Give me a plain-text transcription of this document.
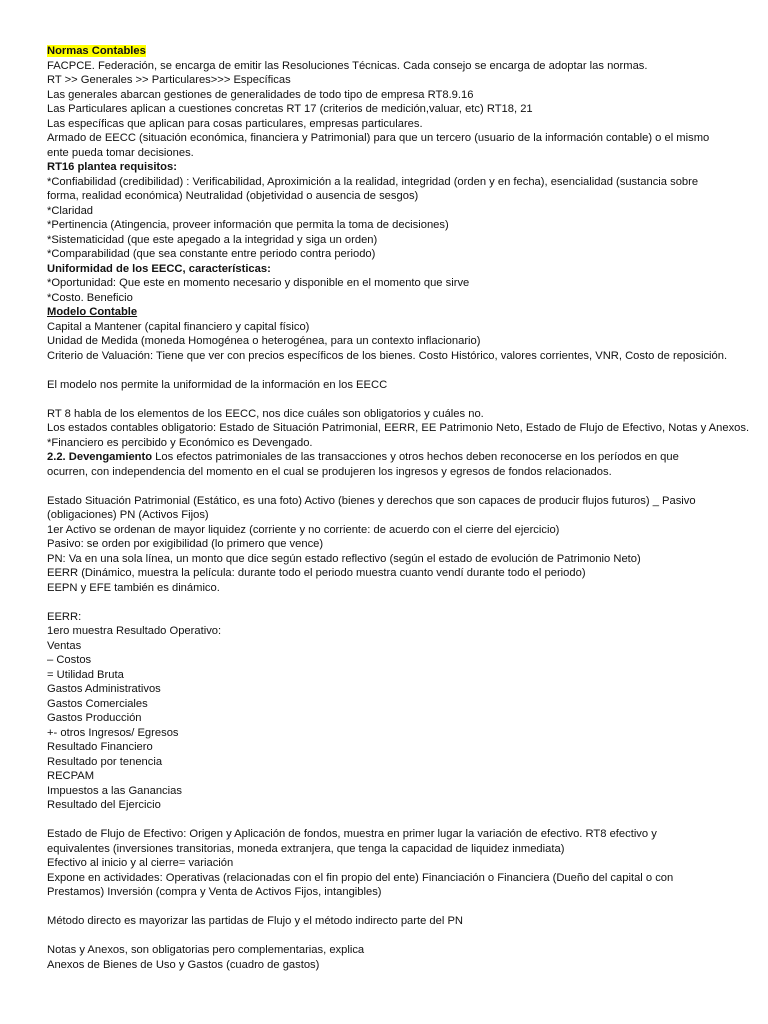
Normas Contables
FACPCE. Federación, se encarga de emitir las Resoluciones Técnicas. Cada consejo se encarga de adoptar las normas.
RT >> Generales >> Particulares>>> Específicas
Las generales abarcan gestiones de generalidades de todo tipo de empresa RT8.9.16
Las Particulares aplican a cuestiones concretas RT 17 (criterios de medición,valuar, etc) RT18, 21
Las específicas que aplican para cosas particulares, empresas particulares.
Armado de EECC (situación económica, financiera y Patrimonial) para que un tercero (usuario de la información contable) o el mismo ente pueda tomar decisiones.
RT16 plantea requisitos:
*Confiabilidad (credibilidad) : Verificabilidad, Aproximición a la realidad, integridad (orden y en fecha), esencialidad (sustancia sobre forma, realidad económica) Neutralidad (objetividad o ausencia de sesgos)
*Claridad
*Pertinencia (Atingencia, proveer información que permita la toma de decisiones)
*Sistematicidad (que este apegado a la integridad y siga un orden)
*Comparabilidad (que sea constante entre periodo contra periodo)
Uniformidad de los EECC, características:
*Oportunidad: Que este en momento necesario y disponible en el momento que sirve
*Costo. Beneficio
Modelo Contable
Capital a Mantener (capital financiero y capital físico)
Unidad de Medida (moneda Homogénea o heterogénea, para un contexto inflacionario)
Criterio de Valuación: Tiene que ver con precios específicos de los bienes. Costo Histórico, valores corrientes, VNR, Costo de reposición.
El modelo nos permite la uniformidad de la información en los EECC
RT 8 habla de los elementos de los EECC, nos dice cuáles son obligatorios y cuáles no.
Los estados contables obligatorio: Estado de Situación Patrimonial, EERR, EE Patrimonio Neto, Estado de Flujo de Efectivo, Notas y Anexos.
*Financiero es percibido y Económico es Devengado.
2.2. Devengamiento Los efectos patrimoniales de las transacciones y otros hechos deben reconocerse en los períodos en que ocurren, con independencia del momento en el cual se produjeren los ingresos y egresos de fondos relacionados.
Estado Situación Patrimonial (Estático, es una foto) Activo (bienes y derechos que son capaces de producir flujos futuros) _ Pasivo (obligaciones) PN (Activos Fijos)
1er Activo se ordenan de mayor liquidez (corriente y no corriente: de acuerdo con el cierre del ejercicio)
Pasivo: se orden por exigibilidad (lo primero que vence)
PN: Va en una sola línea, un monto que dice según estado reflectivo (según el estado de evolución de Patrimonio Neto)
EERR (Dinámico, muestra la película: durante todo el periodo muestra cuanto vendí durante todo el periodo)
EEPN y EFE también es dinámico.
EERR:
1ero muestra Resultado Operativo:
Ventas
– Costos
= Utilidad Bruta
Gastos Administrativos
Gastos Comerciales
Gastos Producción
+- otros Ingresos/ Egresos
Resultado Financiero
Resultado por tenencia
RECPAM
Impuestos a las Ganancias
Resultado del Ejercicio
Estado de Flujo de Efectivo: Origen y Aplicación de fondos, muestra en primer lugar la variación de efectivo. RT8 efectivo y equivalentes (inversiones transitorias, moneda extranjera, que tenga la capacidad de liquidez inmediata)
Efectivo al inicio y al cierre= variación
Expone en actividades: Operativas (relacionadas con el fin propio del ente) Financiación o Financiera (Dueño del capital o con Prestamos) Inversión (compra y Venta de Activos Fijos, intangibles)
Método directo es mayorizar las partidas de Flujo y el método indirecto parte del PN
Notas y Anexos, son obligatorias pero complementarias, explica
Anexos de Bienes de Uso y Gastos (cuadro de gastos)
